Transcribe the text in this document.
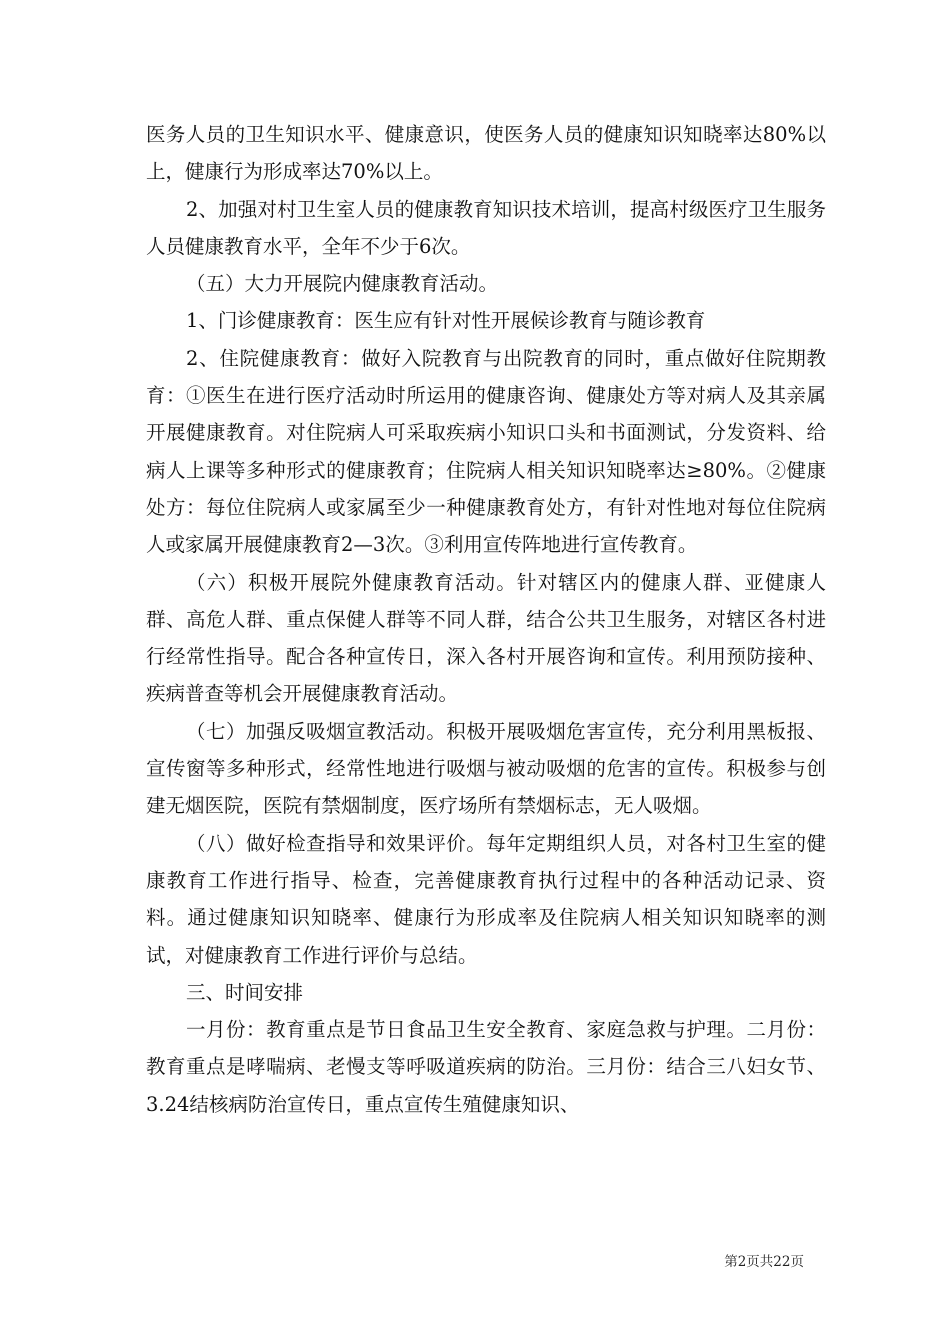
医务人员的卫生知识水平、健康意识，使医务人员的健康知识知晓率达80%以上，健康行为形成率达70%以上。

2、加强对村卫生室人员的健康教育知识技术培训，提高村级医疗卫生服务人员健康教育水平，全年不少于6次。

（五）大力开展院内健康教育活动。

1、门诊健康教育：医生应有针对性开展候诊教育与随诊教育

2、住院健康教育：做好入院教育与出院教育的同时，重点做好住院期教育：①医生在进行医疗活动时所运用的健康咨询、健康处方等对病人及其亲属开展健康教育。对住院病人可采取疾病小知识口头和书面测试，分发资料、给病人上课等多种形式的健康教育；住院病人相关知识知晓率达≥80%。②健康处方：每位住院病人或家属至少一种健康教育处方，有针对性地对每位住院病人或家属开展健康教育2—3次。③利用宣传阵地进行宣传教育。

（六）积极开展院外健康教育活动。针对辖区内的健康人群、亚健康人群、高危人群、重点保健人群等不同人群，结合公共卫生服务，对辖区各村进行经常性指导。配合各种宣传日，深入各村开展咨询和宣传。利用预防接种、疾病普查等机会开展健康教育活动。

（七）加强反吸烟宣教活动。积极开展吸烟危害宣传，充分利用黑板报、宣传窗等多种形式，经常性地进行吸烟与被动吸烟的危害的宣传。积极参与创建无烟医院，医院有禁烟制度，医疗场所有禁烟标志，无人吸烟。

（八）做好检查指导和效果评价。每年定期组织人员，对各村卫生室的健康教育工作进行指导、检查，完善健康教育执行过程中的各种活动记录、资料。通过健康知识知晓率、健康行为形成率及住院病人相关知识知晓率的测试，对健康教育工作进行评价与总结。

三、时间安排

一月份：教育重点是节日食品卫生安全教育、家庭急救与护理。二月份：教育重点是哮喘病、老慢支等呼吸道疾病的防治。三月份：结合三八妇女节、3.24结核病防治宣传日，重点宣传生殖健康知识、

第2页共22页
